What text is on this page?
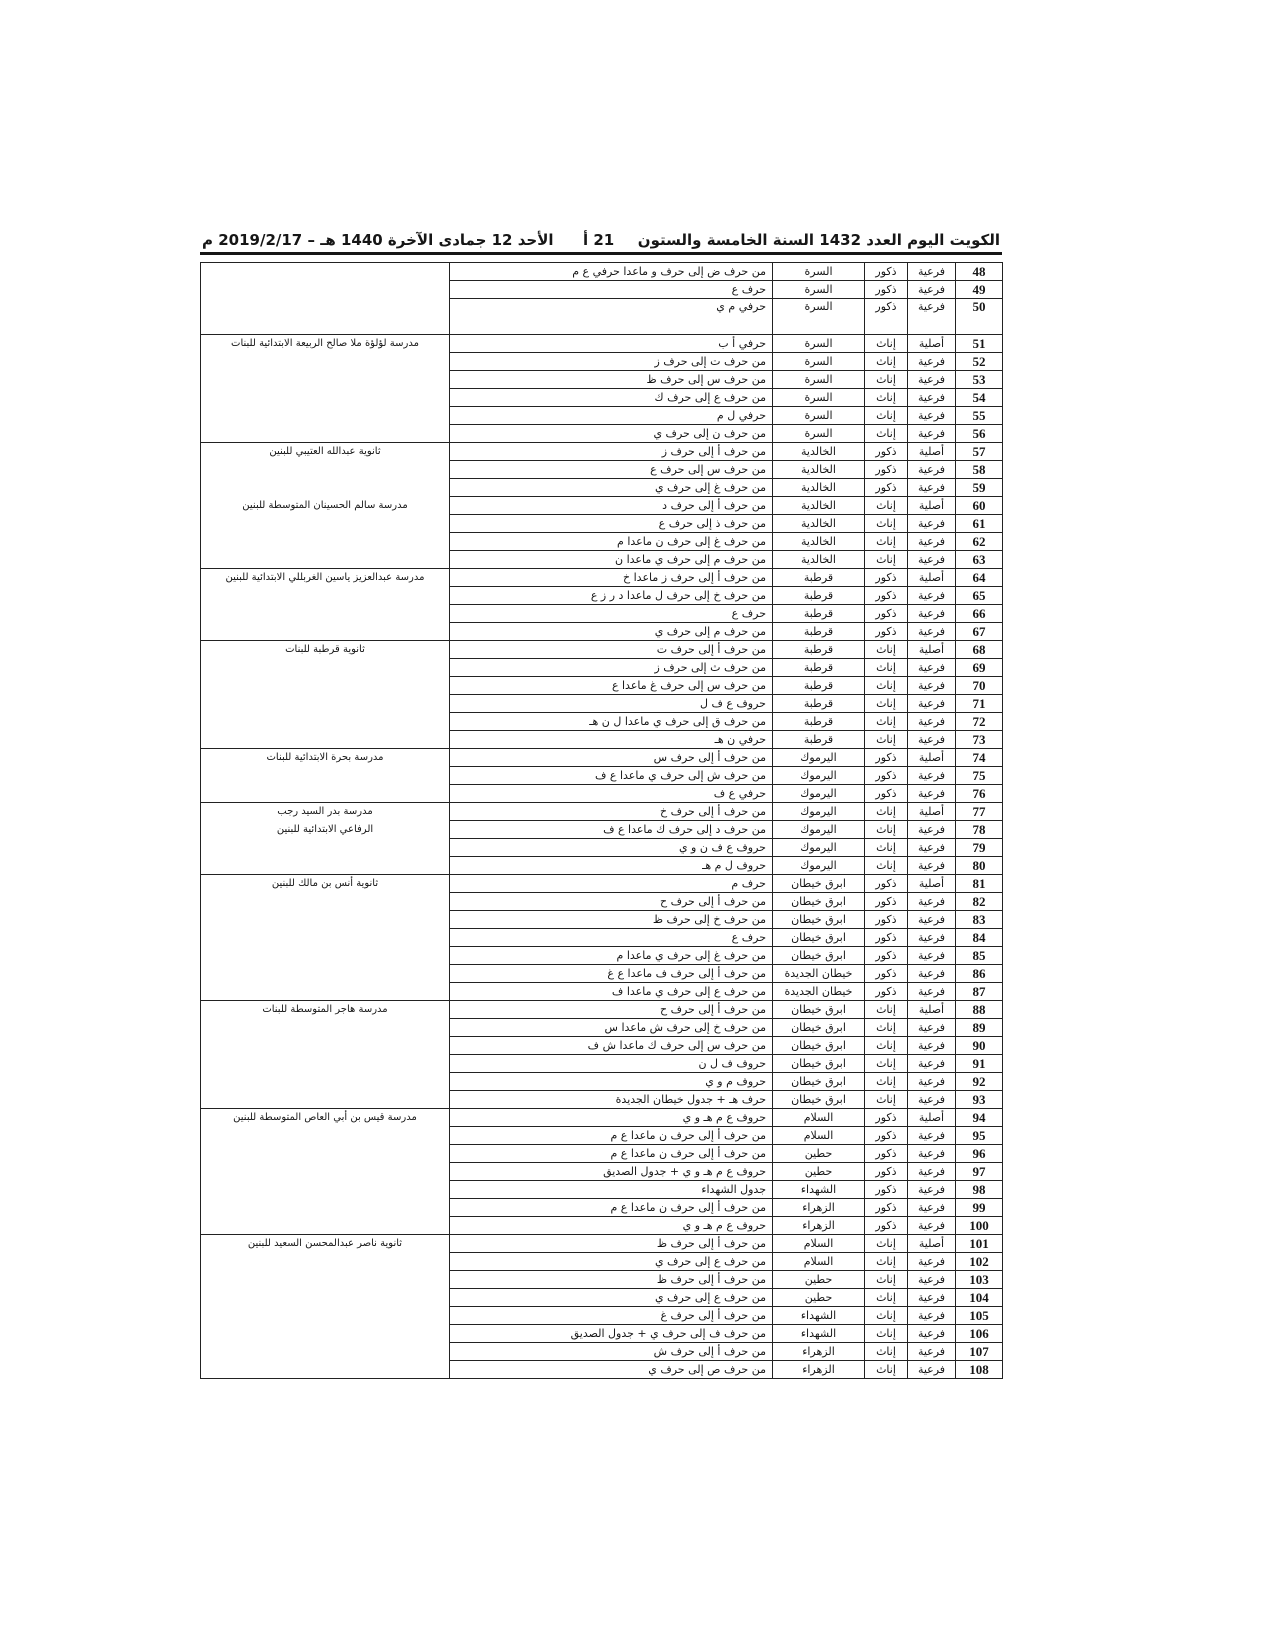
الكويت اليوم العدد 1432 السنة الخامسة والستون
21 أ
الأحد 12 جمادى الآخرة 1440 هـ – 2019/2/17 م
48	فرعية	ذكور	السرة	من حرف ض إلى حرف و ماعدا حرفي ع م	
49	فرعية	ذكور	السرة	حرف ع	
50	فرعية	ذكور	السرة	حرفي م ي	
51	أصلية	إناث	السرة	حرفي أ ب	مدرسة لؤلؤة ملا صالح الربيعة الابتدائية للبنات
52	فرعية	إناث	السرة	من حرف ت إلى حرف ز	
53	فرعية	إناث	السرة	من حرف س إلى حرف ظ	
54	فرعية	إناث	السرة	من حرف ع إلى حرف ك	
55	فرعية	إناث	السرة	حرفي ل م	
56	فرعية	إناث	السرة	من حرف ن إلى حرف ي	
57	أصلية	ذكور	الخالدية	من حرف أ إلى حرف ز	ثانوية عبدالله العتيبي للبنين
58	فرعية	ذكور	الخالدية	من حرف س إلى حرف ع	
59	فرعية	ذكور	الخالدية	من حرف غ إلى حرف ي	
60	أصلية	إناث	الخالدية	من حرف أ إلى حرف د	مدرسة سالم الحسينان المتوسطة للبنين
61	فرعية	إناث	الخالدية	من حرف ذ إلى حرف ع	
62	فرعية	إناث	الخالدية	من حرف غ إلى حرف ن ماعدا م	
63	فرعية	إناث	الخالدية	من حرف م إلى حرف ي ماعدا ن	
64	أصلية	ذكور	قرطبة	من حرف أ إلى حرف ز ماعدا خ	مدرسة عبدالعزيز ياسين الغربللي الابتدائية للبنين
65	فرعية	ذكور	قرطبة	من حرف خ إلى حرف ل ماعدا د ر ز ع	
66	فرعية	ذكور	قرطبة	حرف ع	
67	فرعية	ذكور	قرطبة	من حرف م إلى حرف ي	
68	أصلية	إناث	قرطبة	من حرف أ إلى حرف ت	ثانوية قرطبة للبنات
69	فرعية	إناث	قرطبة	من حرف ث إلى حرف ز	
70	فرعية	إناث	قرطبة	من حرف س إلى حرف غ ماعدا ع	
71	فرعية	إناث	قرطبة	حروف ع ف ل	
72	فرعية	إناث	قرطبة	من حرف ق إلى حرف ي ماعدا ل ن هـ	
73	فرعية	إناث	قرطبة	حرفي ن هـ	
74	أصلية	ذكور	اليرموك	من حرف أ إلى حرف س	مدرسة بحرة الابتدائية للبنات
75	فرعية	ذكور	اليرموك	من حرف ش إلى حرف ي ماعدا ع ف	
76	فرعية	ذكور	اليرموك	حرفي ع ف	
77	أصلية	إناث	اليرموك	من حرف أ إلى حرف خ	مدرسة بدر السيد رجب
78	فرعية	إناث	اليرموك	من حرف د إلى حرف ك ماعدا ع ف	الرفاعي الابتدائية للبنين
79	فرعية	إناث	اليرموك	حروف ع ف ن و ي	
80	فرعية	إناث	اليرموك	حروف ل م هـ	
81	أصلية	ذكور	ابرق خيطان	حرف م	ثانوية أنس بن مالك للبنين
82	فرعية	ذكور	ابرق خيطان	من حرف أ إلى حرف ح	
83	فرعية	ذكور	ابرق خيطان	من حرف خ إلى حرف ظ	
84	فرعية	ذكور	ابرق خيطان	حرف ع	
85	فرعية	ذكور	ابرق خيطان	من حرف غ إلى حرف ي ماعدا م	
86	فرعية	ذكور	خيطان الجديدة	من حرف أ إلى حرف ف ماعدا ع غ	
87	فرعية	ذكور	خيطان الجديدة	من حرف ع إلى حرف ي ماعدا ف	
88	أصلية	إناث	ابرق خيطان	من حرف أ إلى حرف ح	مدرسة هاجر المتوسطة للبنات
89	فرعية	إناث	ابرق خيطان	من حرف خ إلى حرف ش ماعدا س	
90	فرعية	إناث	ابرق خيطان	من حرف س إلى حرف ك ماعدا ش ف	
91	فرعية	إناث	ابرق خيطان	حروف ف ل ن	
92	فرعية	إناث	ابرق خيطان	حروف م و ي	
93	فرعية	إناث	ابرق خيطان	حرف هـ + جدول خيطان الجديدة	
94	أصلية	ذكور	السلام	حروف ع م هـ و ي	مدرسة قيس بن أبي العاص المتوسطة للبنين
95	فرعية	ذكور	السلام	من حرف أ إلى حرف ن ماعدا ع م	
96	فرعية	ذكور	حطين	من حرف أ إلى حرف ن ماعدا ع م	
97	فرعية	ذكور	حطين	حروف ع م هـ و ي + جدول الصديق	
98	فرعية	ذكور	الشهداء	جدول الشهداء	
99	فرعية	ذكور	الزهراء	من حرف أ إلى حرف ن ماعدا ع م	
100	فرعية	ذكور	الزهراء	حروف ع م هـ و ي	
101	أصلية	إناث	السلام	من حرف أ إلى حرف ظ	ثانوية ناصر عبدالمحسن السعيد للبنين
102	فرعية	إناث	السلام	من حرف ع إلى حرف ي	
103	فرعية	إناث	حطين	من حرف أ إلى حرف ظ	
104	فرعية	إناث	حطين	من حرف ع إلى حرف ي	
105	فرعية	إناث	الشهداء	من حرف أ إلى حرف غ	
106	فرعية	إناث	الشهداء	من حرف ف إلى حرف ي + جدول الصديق	
107	فرعية	إناث	الزهراء	من حرف أ إلى حرف ش	
108	فرعية	إناث	الزهراء	من حرف ص إلى حرف ي	
